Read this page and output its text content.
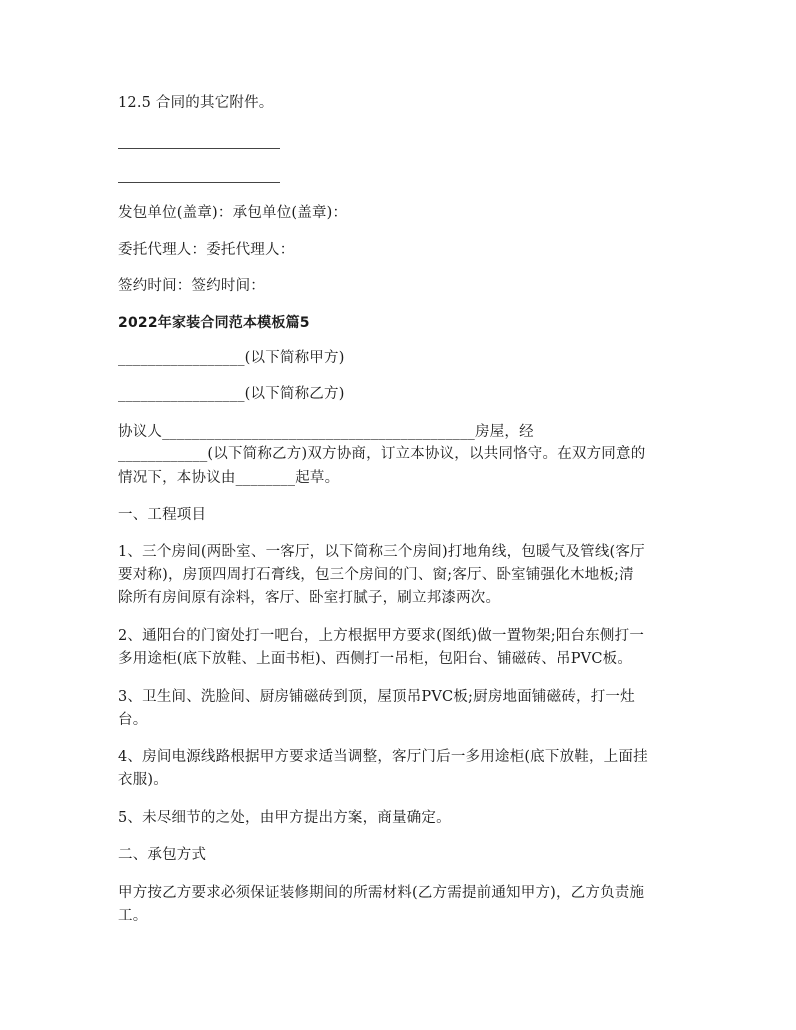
12.5 合同的其它附件。
发包单位(盖章)：承包单位(盖章)：
委托代理人：委托代理人：
签约时间：签约时间：
2022年家装合同范本模板篇5
_________________(以下简称甲方)
_________________(以下简称乙方)
协议人__________________________________________房屋，经
____________(以下简称乙方)双方协商，订立本协议，以共同恪守。在双方同意的
情况下，本协议由________起草。
一、工程项目
1、三个房间(两卧室、一客厅，以下简称三个房间)打地角线，包暖气及管线(客厅
要对称)，房顶四周打石膏线，包三个房间的门、窗;客厅、卧室铺强化木地板;清
除所有房间原有涂料，客厅、卧室打腻子，刷立邦漆两次。
2、通阳台的门窗处打一吧台，上方根据甲方要求(图纸)做一置物架;阳台东侧打一
多用途柜(底下放鞋、上面书柜)、西侧打一吊柜，包阳台、铺磁砖、吊PVC板。
3、卫生间、洗脸间、厨房铺磁砖到顶，屋顶吊PVC板;厨房地面铺磁砖，打一灶
台。
4、房间电源线路根据甲方要求适当调整，客厅门后一多用途柜(底下放鞋，上面挂
衣服)。
5、未尽细节的之处，由甲方提出方案，商量确定。
二、承包方式
甲方按乙方要求必须保证装修期间的所需材料(乙方需提前通知甲方)，乙方负责施
工。
